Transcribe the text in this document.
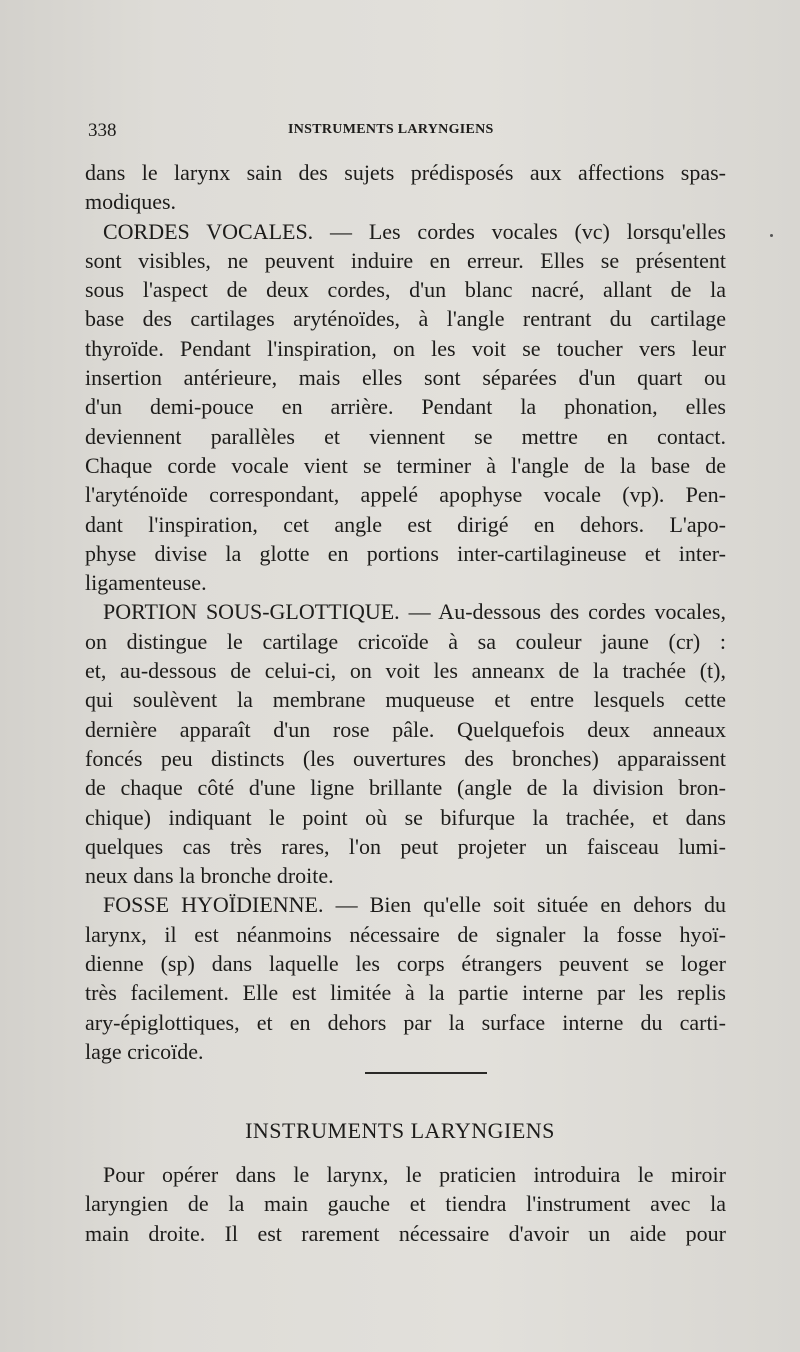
338	INSTRUMENTS LARYNGIENS
dans le larynx sain des sujets prédisposés aux affections spas-
modiques.
CORDES VOCALES. — Les cordes vocales (vc) lorsqu'elles
sont visibles, ne peuvent induire en erreur. Elles se présentent
sous l'aspect de deux cordes, d'un blanc nacré, allant de la
base des cartilages aryténoïdes, à l'angle rentrant du cartilage
thyroïde. Pendant l'inspiration, on les voit se toucher vers leur
insertion antérieure, mais elles sont séparées d'un quart ou
d'un demi-pouce en arrière. Pendant la phonation, elles
deviennent parallèles et viennent se mettre en contact.
Chaque corde vocale vient se terminer à l'angle de la base de
l'aryténoïde correspondant, appelé apophyse vocale (vp). Pen-
dant l'inspiration, cet angle est dirigé en dehors. L'apo-
physe divise la glotte en portions inter-cartilagineuse et inter-
ligamenteuse.
PORTION SOUS-GLOTTIQUE. — Au-dessous des cordes vocales,
on distingue le cartilage cricoïde à sa couleur jaune (cr) :
et, au-dessous de celui-ci, on voit les anneanx de la trachée (t),
qui soulèvent la membrane muqueuse et entre lesquels cette
dernière apparaît d'un rose pâle. Quelquefois deux anneaux
foncés peu distincts (les ouvertures des bronches) apparaissent
de chaque côté d'une ligne brillante (angle de la division bron-
chique) indiquant le point où se bifurque la trachée, et dans
quelques cas très rares, l'on peut projeter un faisceau lumi-
neux dans la bronche droite.
FOSSE HYOÏDIENNE. — Bien qu'elle soit située en dehors du
larynx, il est néanmoins nécessaire de signaler la fosse hyoï-
dienne (sp) dans laquelle les corps étrangers peuvent se loger
très facilement. Elle est limitée à la partie interne par les replis
ary-épiglottiques, et en dehors par la surface interne du carti-
lage cricoïde.
INSTRUMENTS LARYNGIENS
Pour opérer dans le larynx, le praticien introduira le miroir
laryngien de la main gauche et tiendra l'instrument avec la
main droite. Il est rarement nécessaire d'avoir un aide pour
